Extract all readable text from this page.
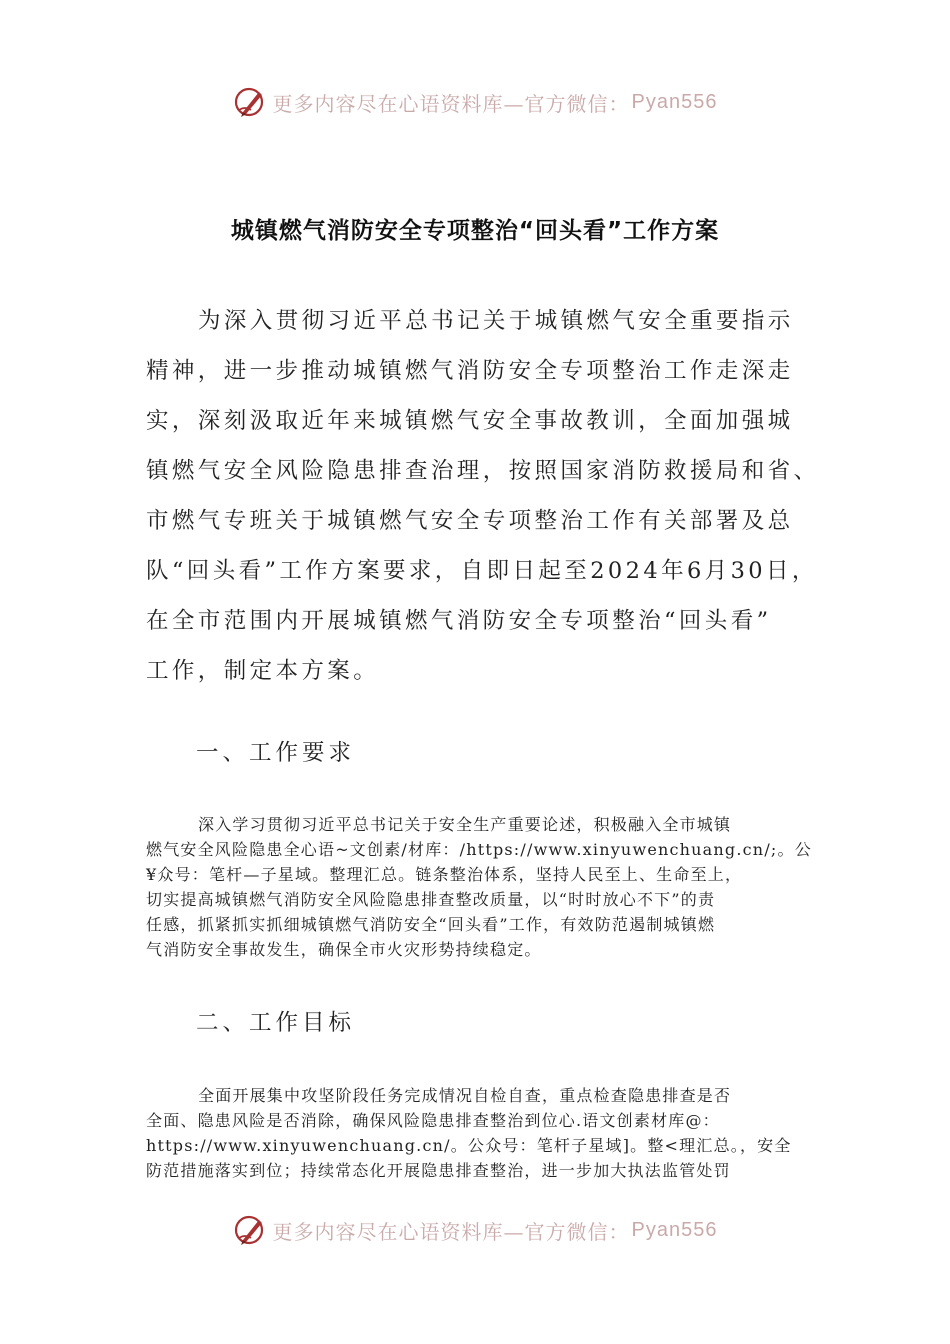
更多内容尽在心语资料库—官方微信： Pyan556
城镇燃气消防安全专项整治“回头看”工作方案
为深入贯彻习近平总书记关于城镇燃气安全重要指示
精神，进一步推动城镇燃气消防安全专项整治工作走深走
实，深刻汲取近年来城镇燃气安全事故教训，全面加强城
镇燃气安全风险隐患排查治理，按照国家消防救援局和省、
市燃气专班关于城镇燃气安全专项整治工作有关部署及总
队“回头看”工作方案要求，自即日起至2024年6月30日，
在全市范围内开展城镇燃气消防安全专项整治“回头看”
工作，制定本方案。
一、工作要求
深入学习贯彻习近平总书记关于安全生产重要论述，积极融入全市城镇
燃气安全风险隐患全心语~文创素/材库：/https://www.xinyuwenchuang.cn/;。公
¥众号：笔杆—子星域。整理汇总。链条整治体系，坚持人民至上、生命至上，
切实提高城镇燃气消防安全风险隐患排查整改质量，以“时时放心不下”的责
任感，抓紧抓实抓细城镇燃气消防安全“回头看”工作，有效防范遏制城镇燃
气消防安全事故发生，确保全市火灾形势持续稳定。
二、工作目标
全面开展集中攻坚阶段任务完成情况自检自查，重点检查隐患排查是否
全面、隐患风险是否消除，确保风险隐患排查整治到位心.语文创素材库@：
https://www.xinyuwenchuang.cn/。公众号：笔杆子星域]。整<理汇总。，安全
防范措施落实到位；持续常态化开展隐患排查整治，进一步加大执法监管处罚
更多内容尽在心语资料库—官方微信： Pyan556
